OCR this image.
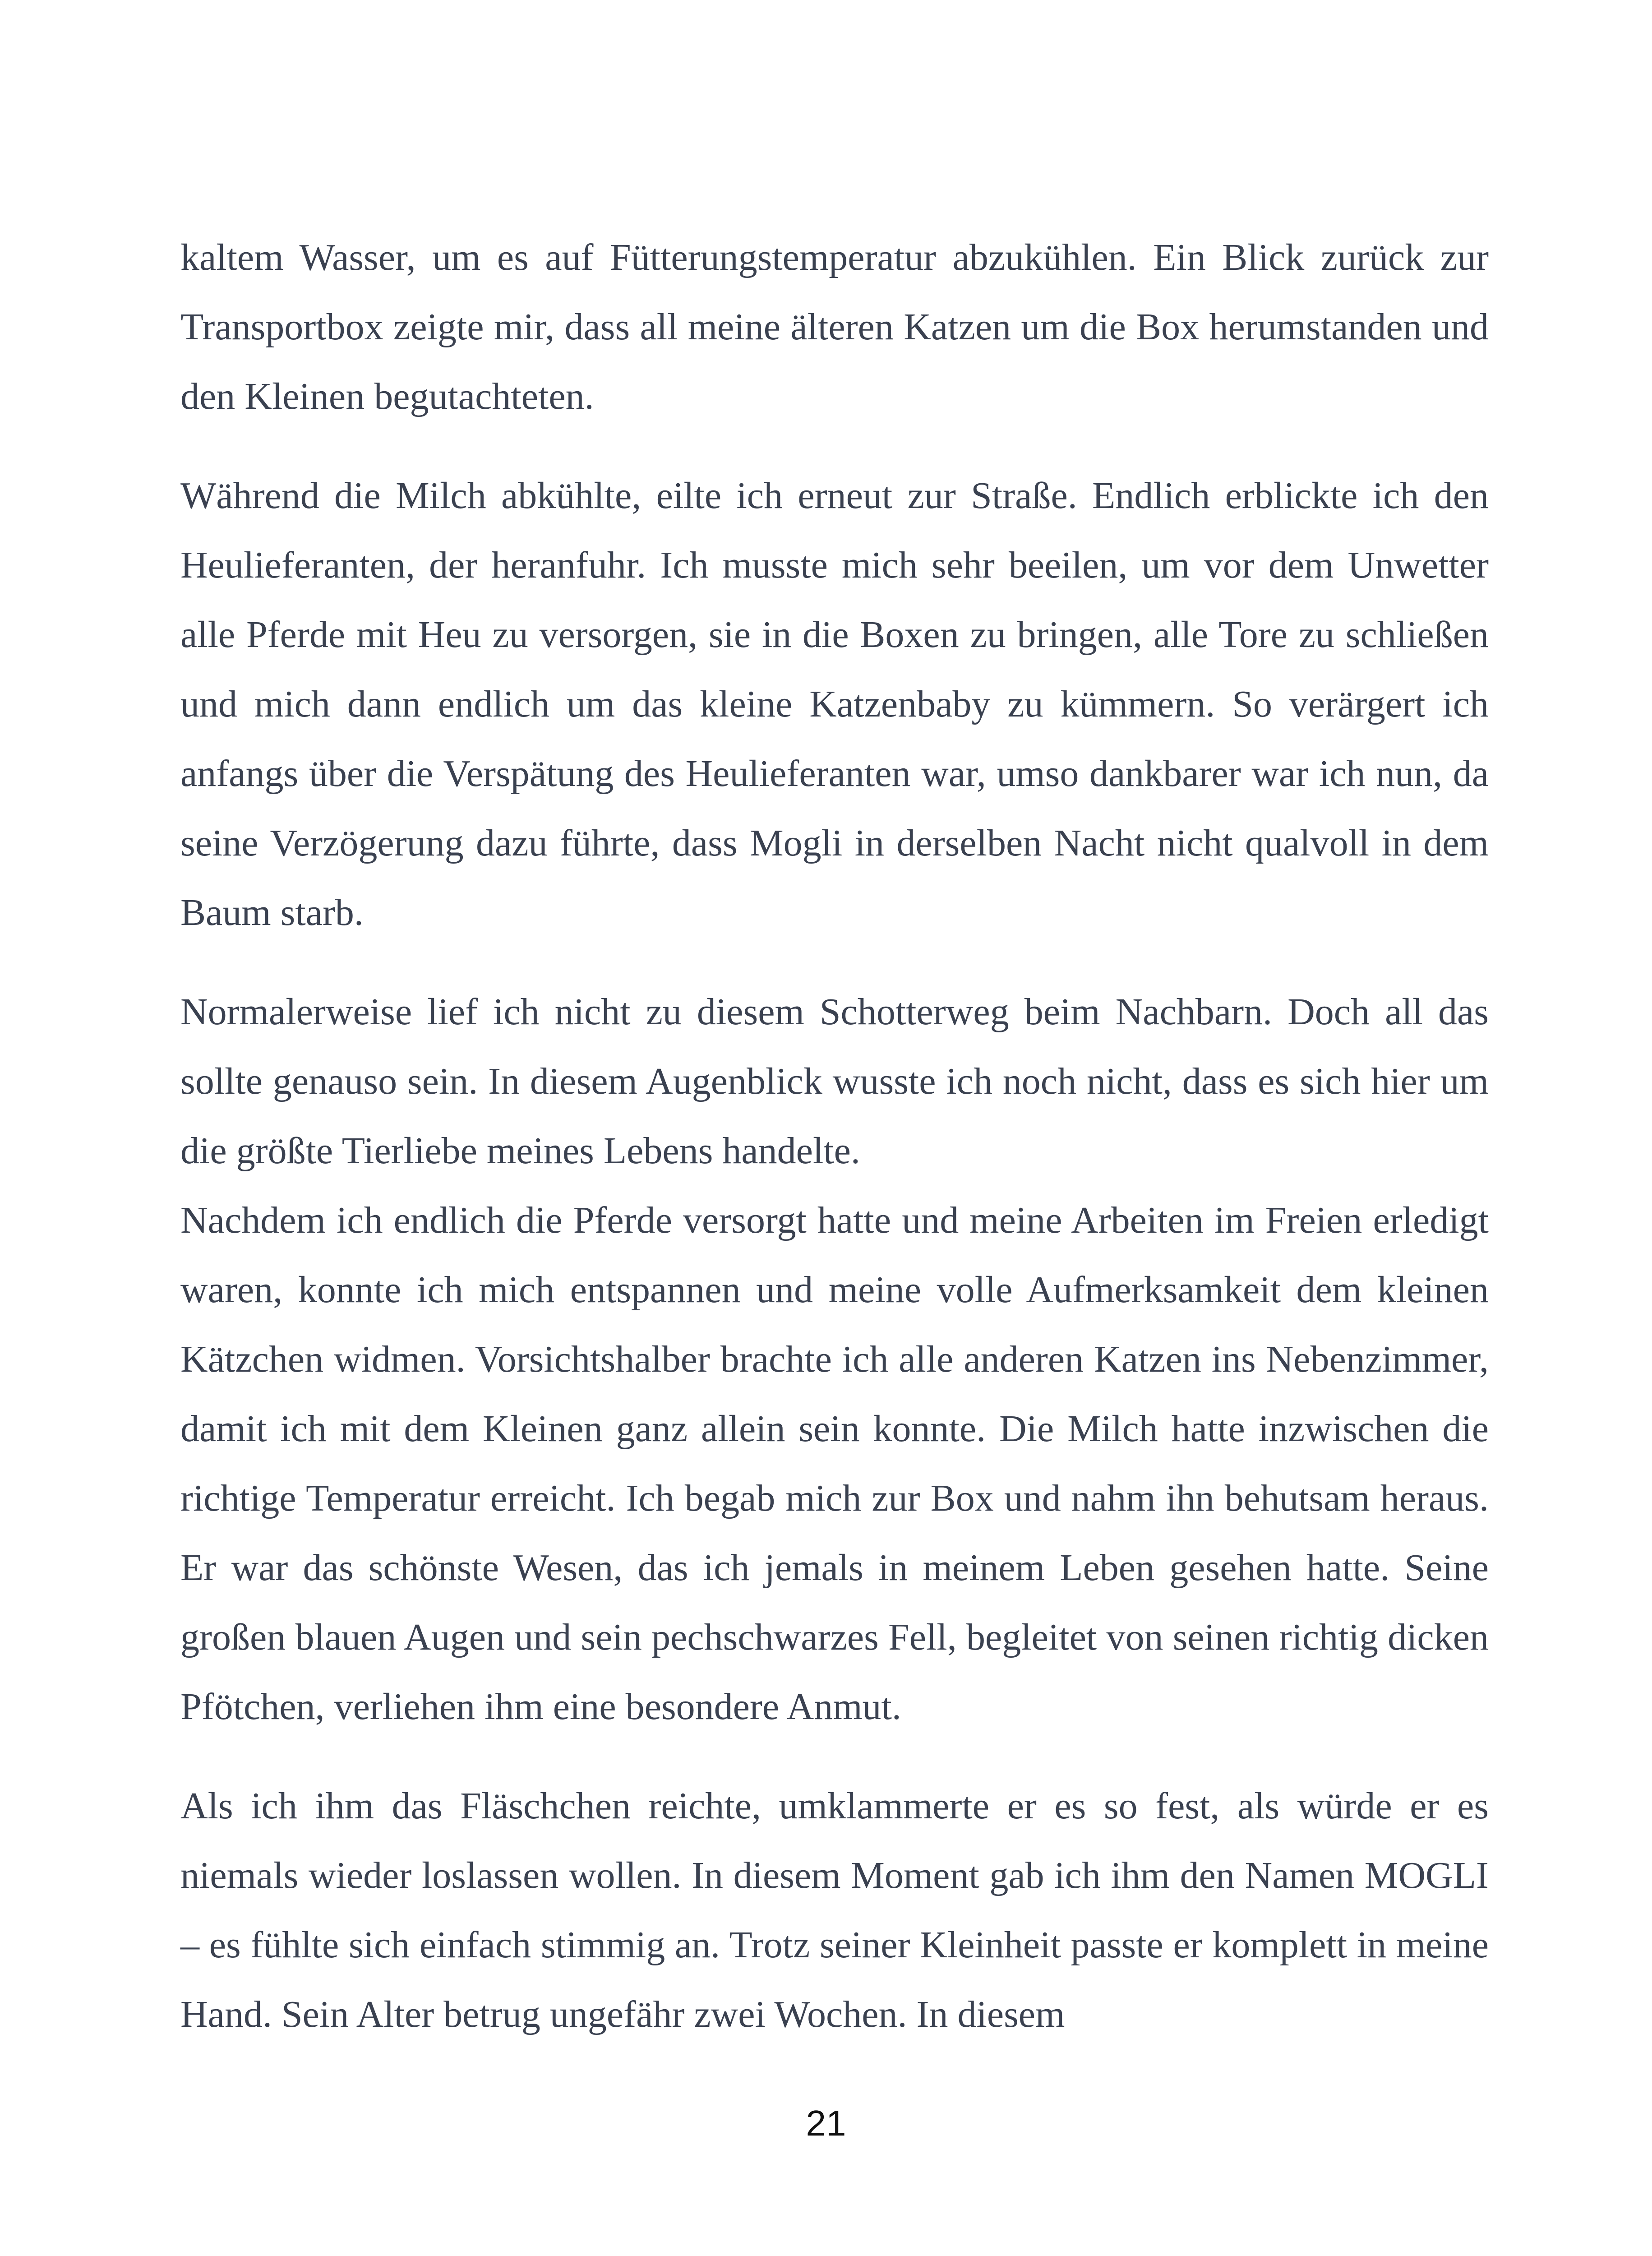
kaltem Wasser, um es auf Fütterungstemperatur abzukühlen. Ein Blick zurück zur Transportbox zeigte mir, dass all meine älteren Katzen um die Box herumstanden und den Kleinen begutachteten.

Während die Milch abkühlte, eilte ich erneut zur Straße. Endlich erblickte ich den Heulieferanten, der heranfuhr. Ich musste mich sehr beeilen, um vor dem Unwetter alle Pferde mit Heu zu versorgen, sie in die Boxen zu bringen, alle Tore zu schließen und mich dann endlich um das kleine Katzenbaby zu kümmern. So verärgert ich anfangs über die Verspätung des Heulieferanten war, umso dankbarer war ich nun, da seine Verzögerung dazu führte, dass Mogli in derselben Nacht nicht qualvoll in dem Baum starb.

Normalerweise lief ich nicht zu diesem Schotterweg beim Nachbarn. Doch all das sollte genauso sein. In diesem Augenblick wusste ich noch nicht, dass es sich hier um die größte Tierliebe meines Lebens handelte.

Nachdem ich endlich die Pferde versorgt hatte und meine Arbeiten im Freien erledigt waren, konnte ich mich entspannen und meine volle Aufmerksamkeit dem kleinen Kätzchen widmen. Vorsichtshalber brachte ich alle anderen Katzen ins Nebenzimmer, damit ich mit dem Kleinen ganz allein sein konnte. Die Milch hatte inzwischen die richtige Temperatur erreicht. Ich begab mich zur Box und nahm ihn behutsam heraus. Er war das schönste Wesen, das ich jemals in meinem Leben gesehen hatte. Seine großen blauen Augen und sein pechschwarzes Fell, begleitet von seinen richtig dicken Pfötchen, verliehen ihm eine besondere Anmut.

Als ich ihm das Fläschchen reichte, umklammerte er es so fest, als würde er es niemals wieder loslassen wollen. In diesem Moment gab ich ihm den Namen MOGLI – es fühlte sich einfach stimmig an. Trotz seiner Kleinheit passte er komplett in meine Hand. Sein Alter betrug ungefähr zwei Wochen. In diesem

21
